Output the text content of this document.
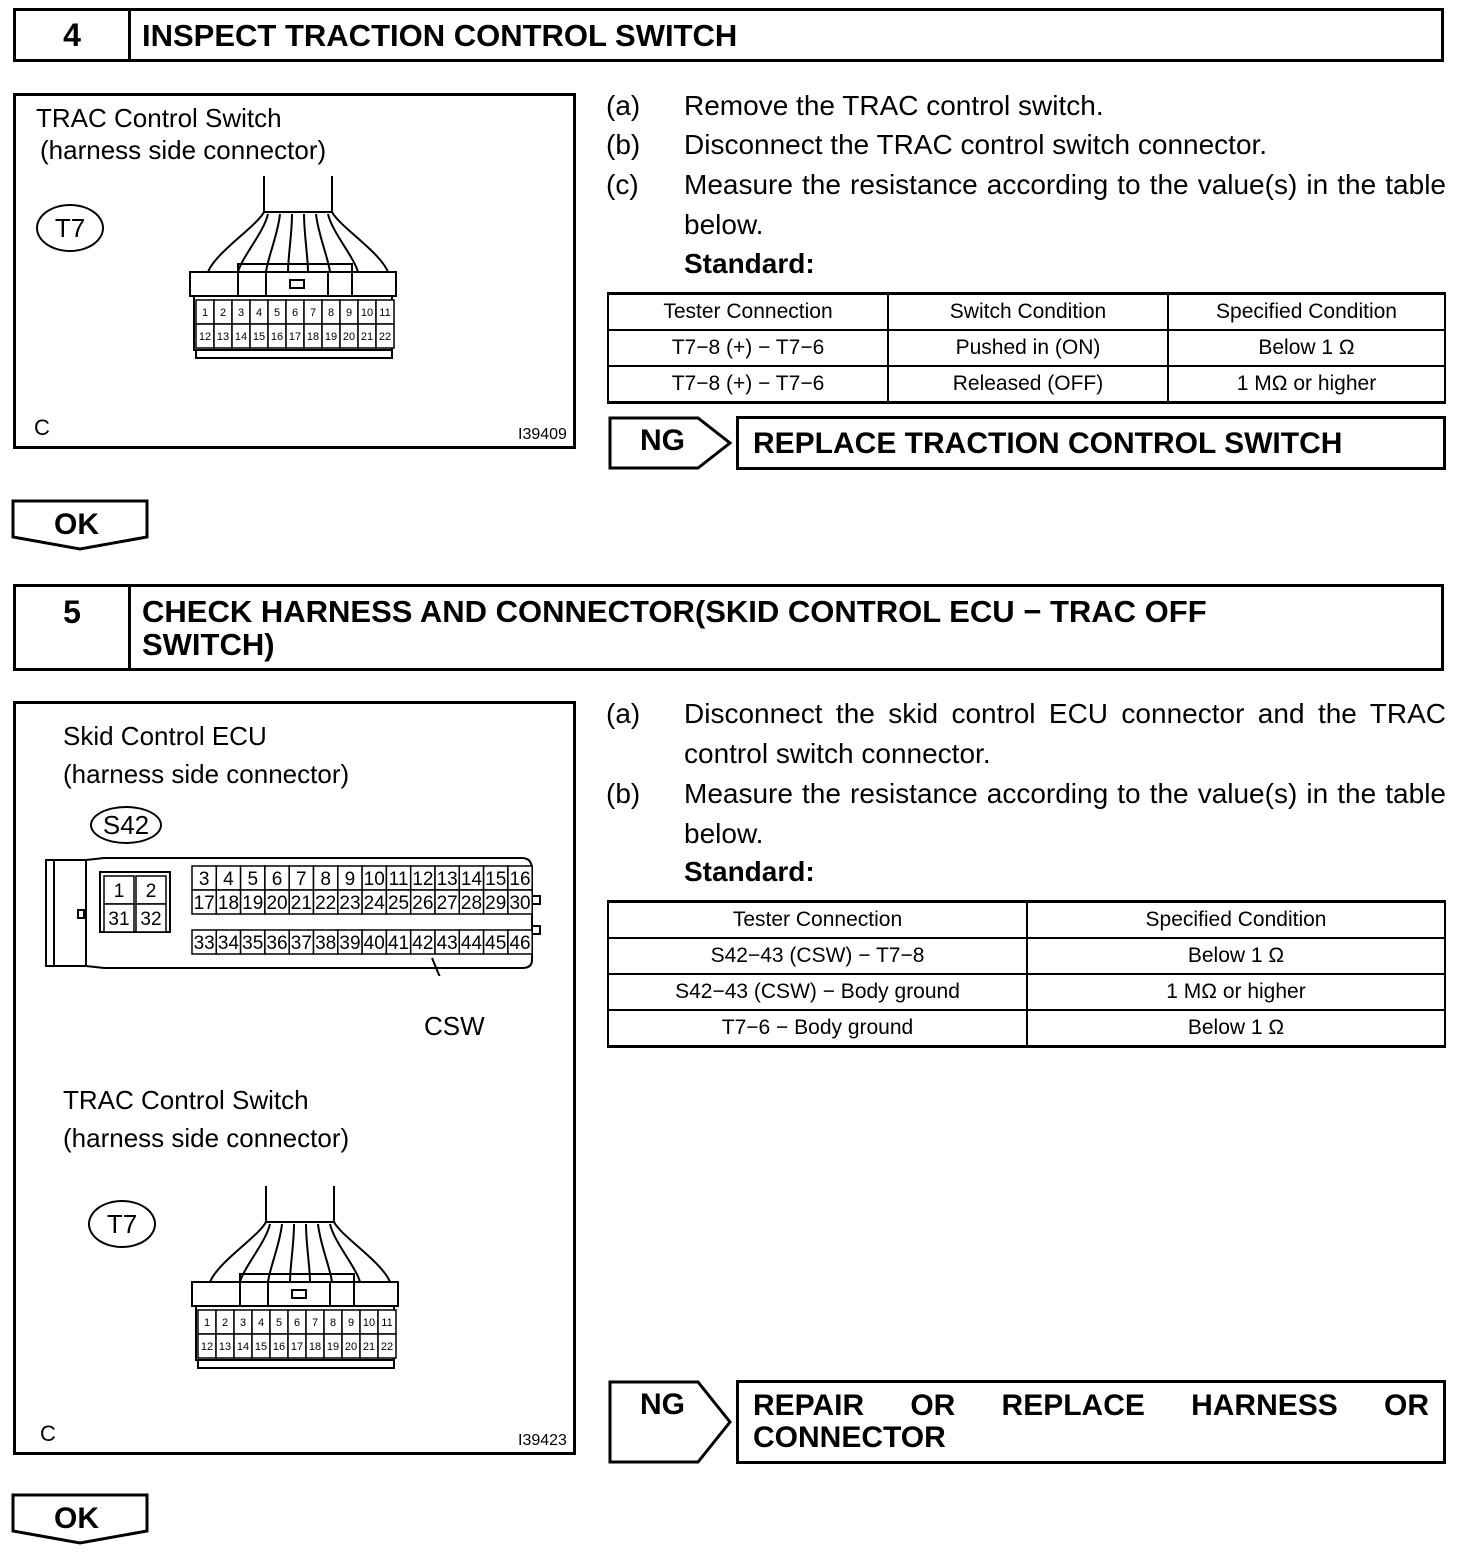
4	INSPECT TRACTION CONTROL SWITCH
TRAC Control Switch
(harness side connector)
T7
1 2 3 4 5 6 7 8 9 10 11
12 13 14 15 16 17 18 19 20 21 22
C	I39409
(a) Remove the TRAC control switch.
(b) Disconnect the TRAC control switch connector.
(c) Measure the resistance according to the value(s) in the table below.
Standard:
Tester Connection	Switch Condition	Specified Condition
T7−8 (+) − T7−6	Pushed in (ON)	Below 1 Ω
T7−8 (+) − T7−6	Released (OFF)	1 MΩ or higher
NG REPLACE TRACTION CONTROL SWITCH
OK
5	CHECK HARNESS AND CONNECTOR(SKID CONTROL ECU − TRAC OFF
SWITCH)
Skid Control ECU
(harness side connector)
S42
1 2
31 32
3 4 5 6 7 8 9 10 11 12 13 14 15 16
17 18 19 20 21 22 23 24 25 26 27 28 29 30
33 34 35 36 37 38 39 40 41 42 43 44 45 46
CSW
TRAC Control Switch
(harness side connector)
T7
1 2 3 4 5 6 7 8 9 10 11
12 13 14 15 16 17 18 19 20 21 22
C	I39423
(a) Disconnect the skid control ECU connector and the TRAC control switch connector.
(b) Measure the resistance according to the value(s) in the table below.
Standard:
Tester Connection	Specified Condition
S42−43 (CSW) − T7−8	Below 1 Ω
S42−43 (CSW) − Body ground	1 MΩ or higher
T7−6 − Body ground	Below 1 Ω
NG REPAIR OR REPLACE HARNESS OR
CONNECTOR
OK
